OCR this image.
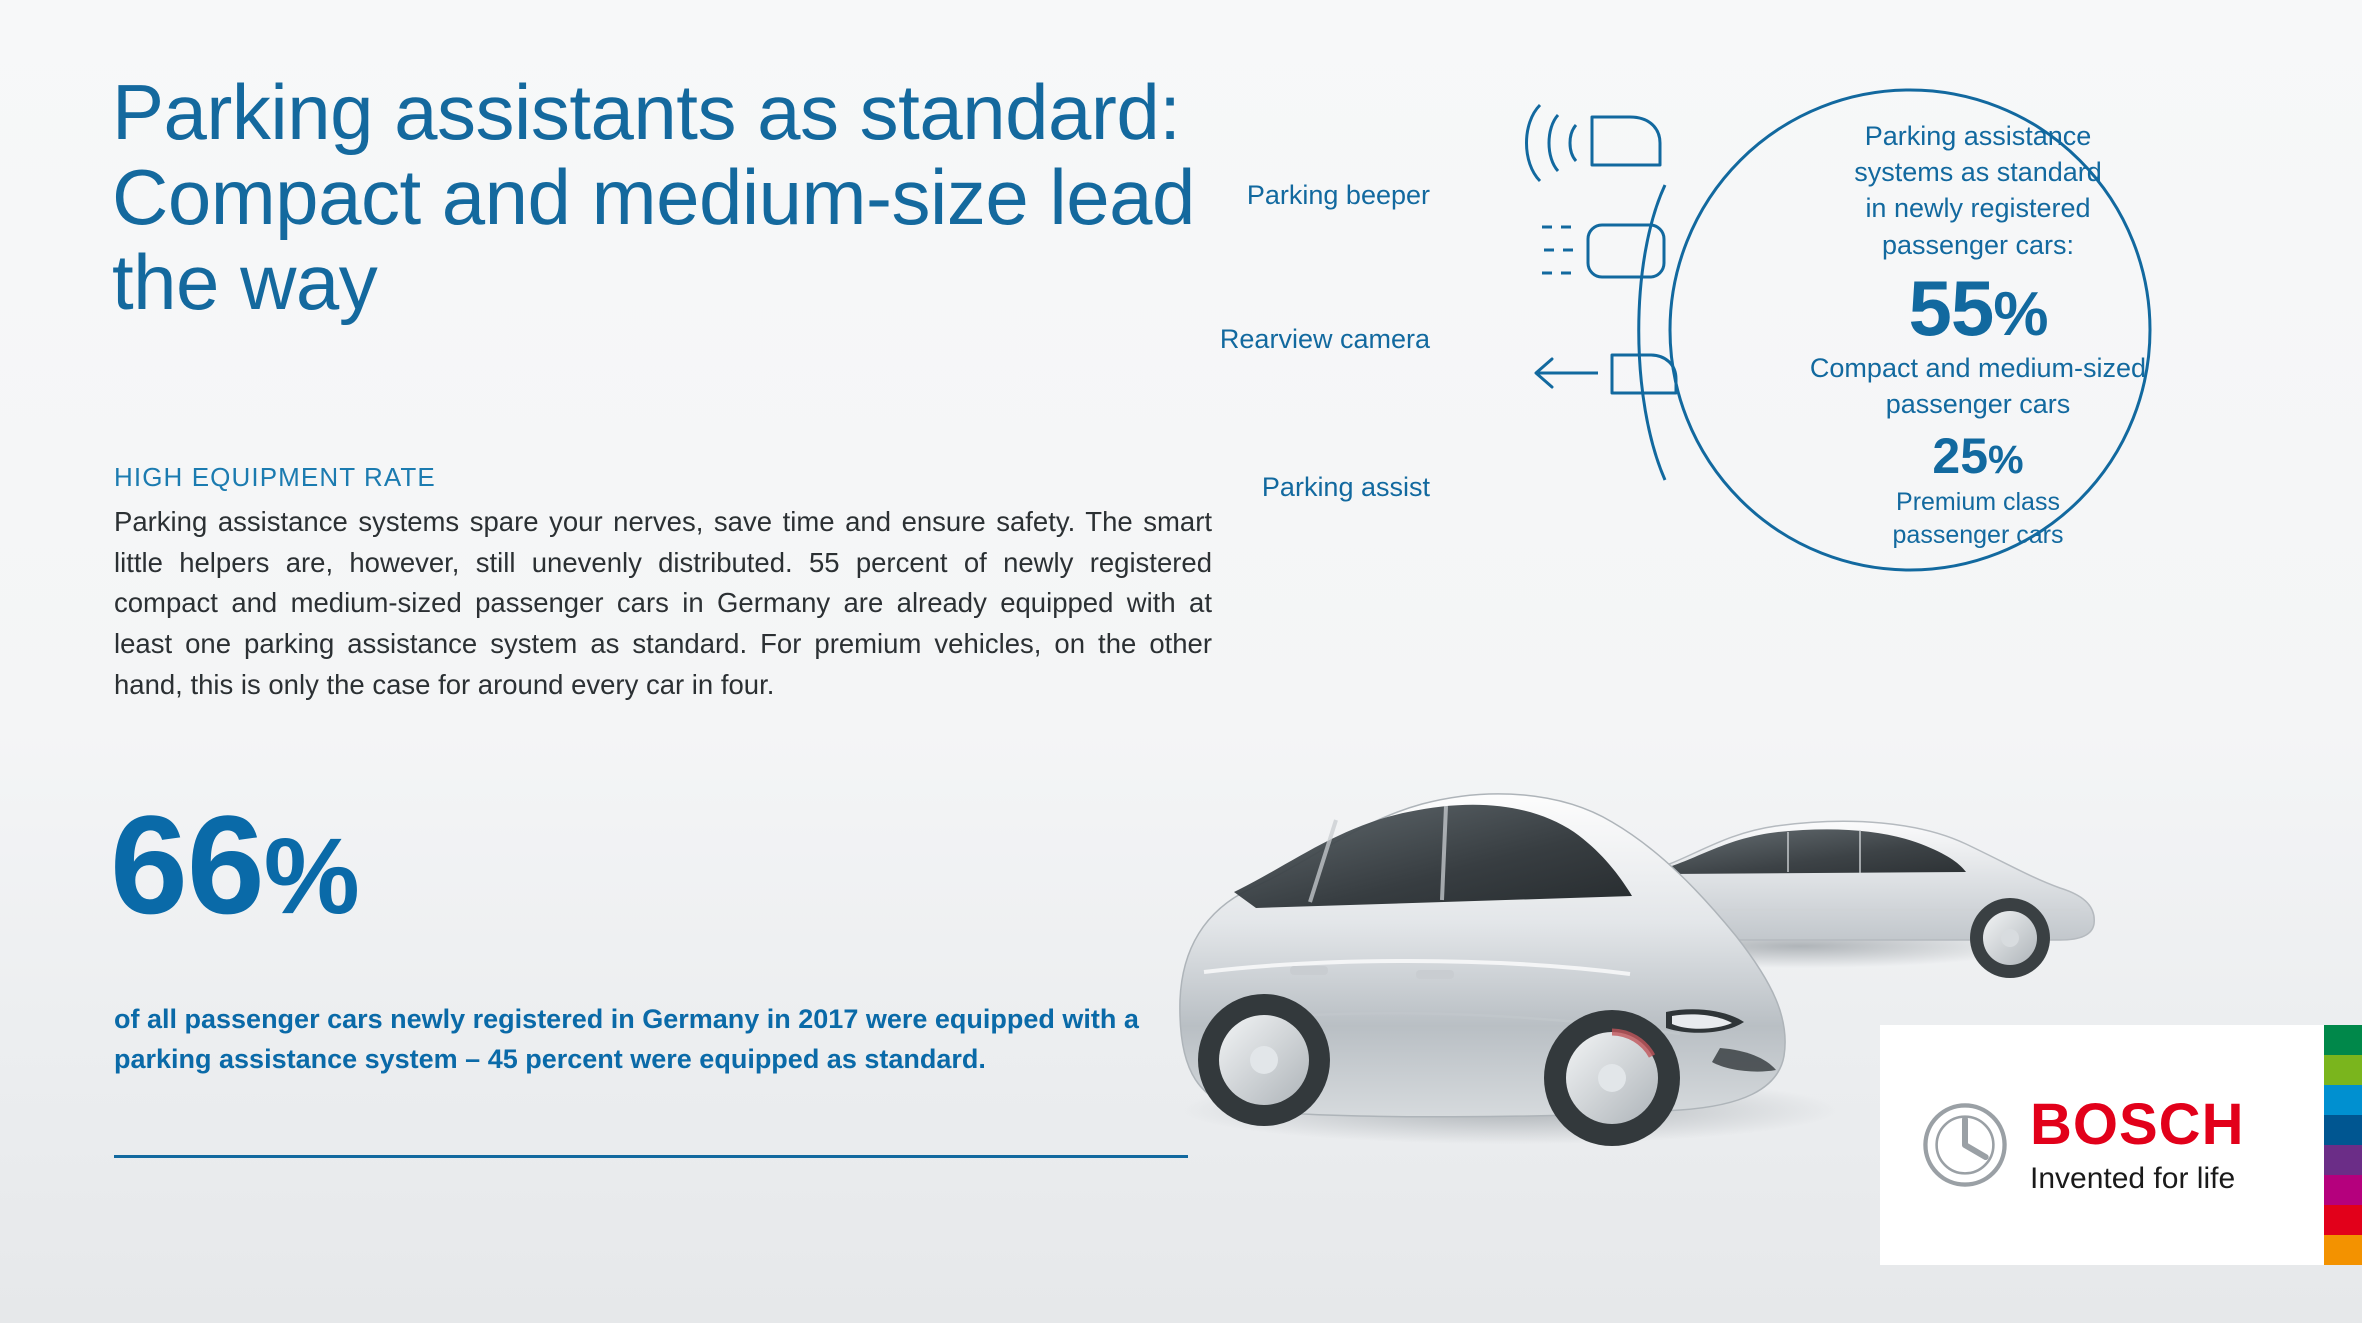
Parking assistants as standard: Compact and medium-size lead the way
HIGH EQUIPMENT RATE
Parking assistance systems spare your nerves, save time and ensure safety. The smart little helpers are, however, still unevenly distributed. 55 percent of newly registered compact and medium-sized passenger cars in Germany are already equipped with at least one parking assistance system as standard. For premium vehicles, on the other hand, this is only the case for around every car in four.
66%
of all passenger cars newly registered in Germany in 2017 were equipped with a parking assistance system – 45 percent were equipped as standard.
Parking beeper
Rearview camera
Parking assist
Parking assistance
systems as standard
in newly registered
passenger cars:
55%
Compact and medium-sized
passenger cars
25%
Premium class
passenger cars
BOSCH
Invented for life
